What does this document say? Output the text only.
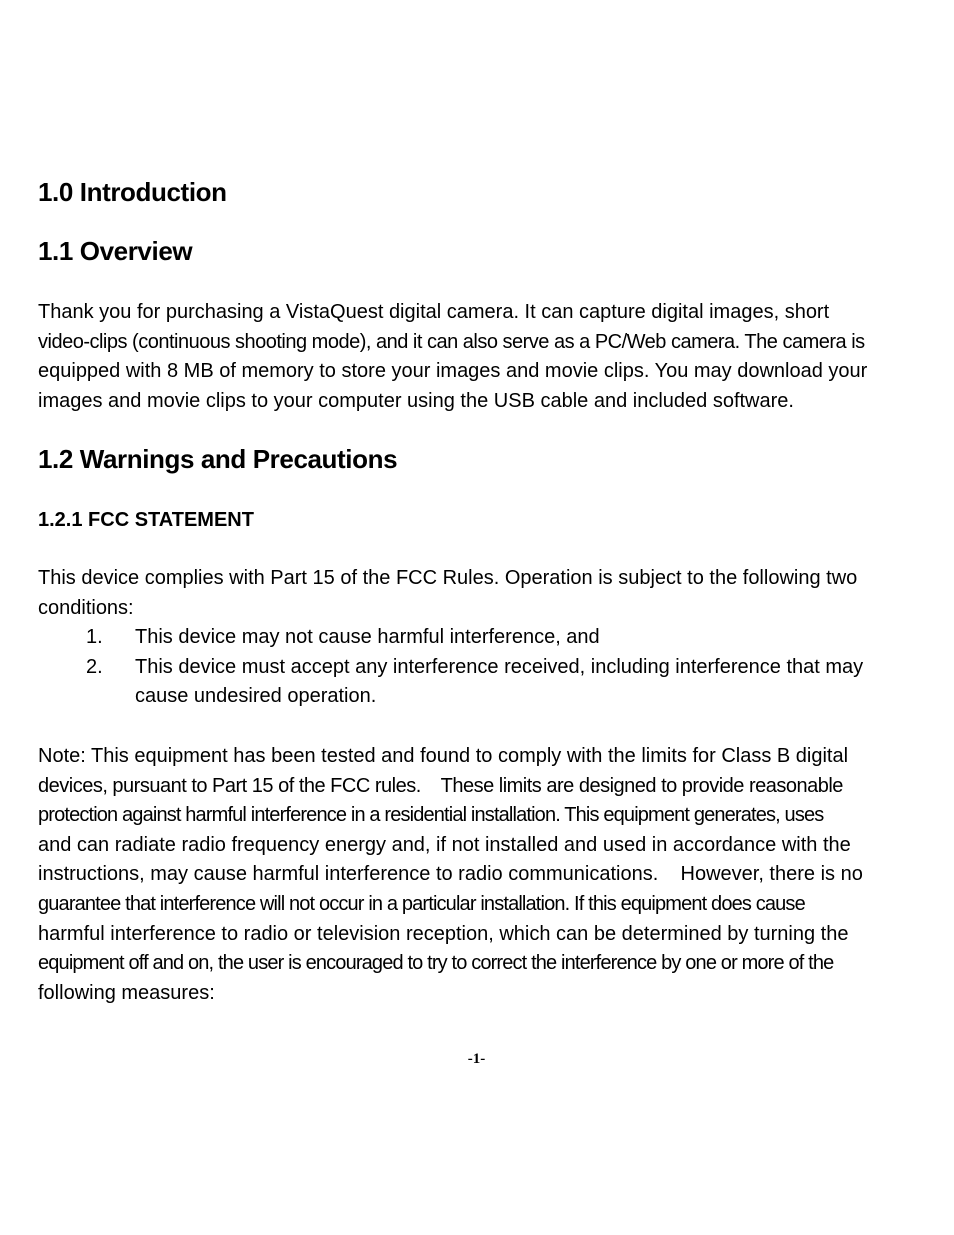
1.0 Introduction
1.1 Overview
Thank you for purchasing a VistaQuest digital camera. It can capture digital images, short
video-clips (continuous shooting mode), and it can also serve as a PC/Web camera. The camera is
equipped with 8 MB of memory to store your images and movie clips. You may download your
images and movie clips to your computer using the USB cable and included software.
1.2 Warnings and Precautions
1.2.1 FCC STATEMENT
This device complies with Part 15 of the FCC Rules. Operation is subject to the following two
conditions:
1. This device may not cause harmful interference, and
2. This device must accept any interference received, including interference that may
cause undesired operation.
Note: This equipment has been tested and found to comply with the limits for Class B digital
devices, pursuant to Part 15 of the FCC rules.    These limits are designed to provide reasonable
protection against harmful interference in a residential installation. This equipment generates, uses
and can radiate radio frequency energy and, if not installed and used in accordance with the
instructions, may cause harmful interference to radio communications.    However, there is no
guarantee that interference will not occur in a particular installation. If this equipment does cause
harmful interference to radio or television reception, which can be determined by turning the
equipment off and on, the user is encouraged to try to correct the interference by one or more of the
following measures:
-1-
